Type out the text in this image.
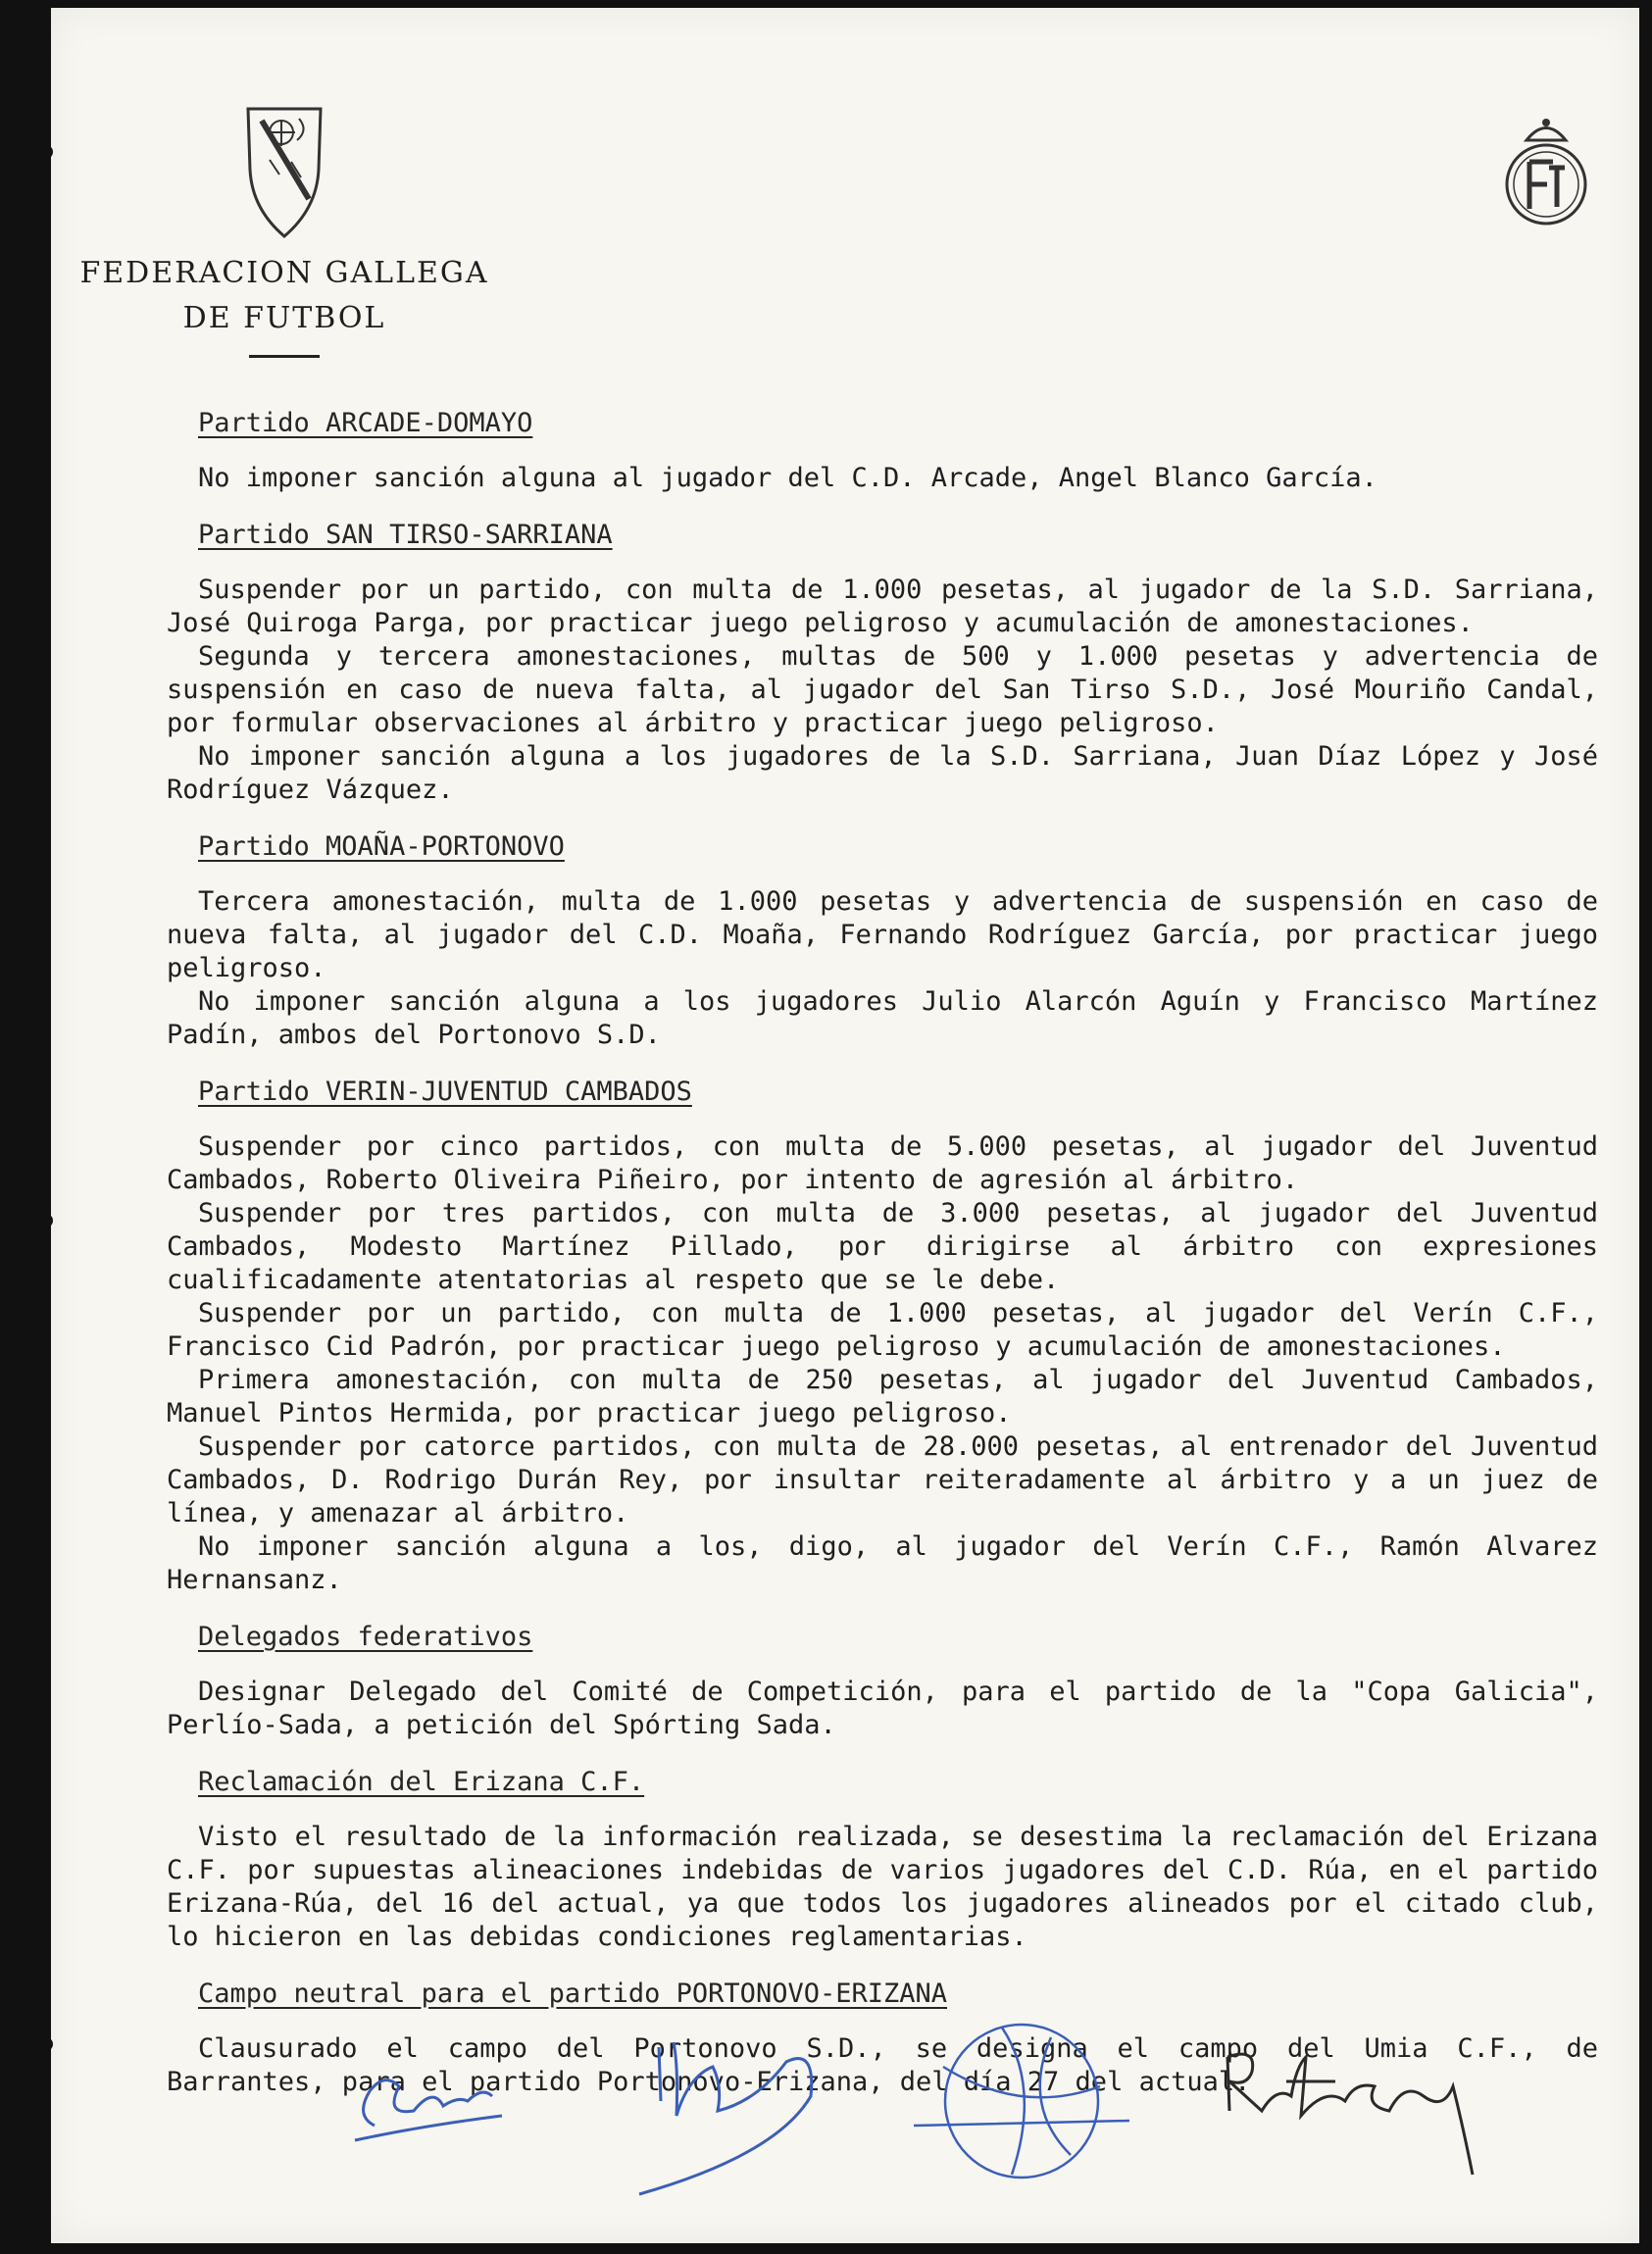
FEDERACION GALLEGA
DE FUTBOL
Partido ARCADE-DOMAYO

No imponer sanción alguna al jugador del C.D. Arcade, Angel Blanco García.

Partido SAN TIRSO-SARRIANA

Suspender por un partido, con multa de 1.000 pesetas, al jugador de la S.D. Sarriana, José Quiroga Parga, por practicar juego peligroso y acumulación de amonestaciones.

Segunda y tercera amonestaciones, multas de 500 y 1.000 pesetas y advertencia de suspensión en caso de nueva falta, al jugador del San Tirso S.D., José Mouriño Candal, por formular observaciones al árbitro y practicar juego peligroso.

No imponer sanción alguna a los jugadores de la S.D. Sarriana, Juan Díaz López y José Rodríguez Vázquez.

Partido MOAÑA-PORTONOVO

Tercera amonestación, multa de 1.000 pesetas y advertencia de suspensión en caso de nueva falta, al jugador del C.D. Moaña, Fernando Rodríguez García, por practicar juego peligroso.

No imponer sanción alguna a los jugadores Julio Alarcón Aguín y Francisco Martínez Padín, ambos del Portonovo S.D.

Partido VERIN-JUVENTUD CAMBADOS

Suspender por cinco partidos, con multa de 5.000 pesetas, al jugador del Juventud Cambados, Roberto Oliveira Piñeiro, por intento de agresión al árbitro.

Suspender por tres partidos, con multa de 3.000 pesetas, al jugador del Juventud Cambados, Modesto Martínez Pillado, por dirigirse al árbitro con expresiones cualificadamente atentatorias al respeto que se le debe.

Suspender por un partido, con multa de 1.000 pesetas, al jugador del Verín C.F., Francisco Cid Padrón, por practicar juego peligroso y acumulación de amonestaciones.

Primera amonestación, con multa de 250 pesetas, al jugador del Juventud Cambados, Manuel Pintos Hermida, por practicar juego peligroso.

Suspender por catorce partidos, con multa de 28.000 pesetas, al entrenador del Juventud Cambados, D. Rodrigo Durán Rey, por insultar reiteradamente al árbitro y a un juez de línea, y amenazar al árbitro.

No imponer sanción alguna a los, digo, al jugador del Verín C.F., Ramón Alvarez Hernansanz.

Delegados federativos

Designar Delegado del Comité de Competición, para el partido de la "Copa Galicia", Perlío-Sada, a petición del Spórting Sada.

Reclamación del Erizana C.F.

Visto el resultado de la información realizada, se desestima la reclamación del Erizana C.F. por supuestas alineaciones indebidas de varios jugadores del C.D. Rúa, en el partido Erizana-Rúa, del 16 del actual, ya que todos los jugadores alineados por el citado club, lo hicieron en las debidas condiciones reglamentarias.

Campo neutral para el partido PORTONOVO-ERIZANA

Clausurado el campo del Portonovo S.D., se designa el campo del Umia C.F., de Barrantes, para el partido Portonovo-Erizana, del día 27 del actual.
